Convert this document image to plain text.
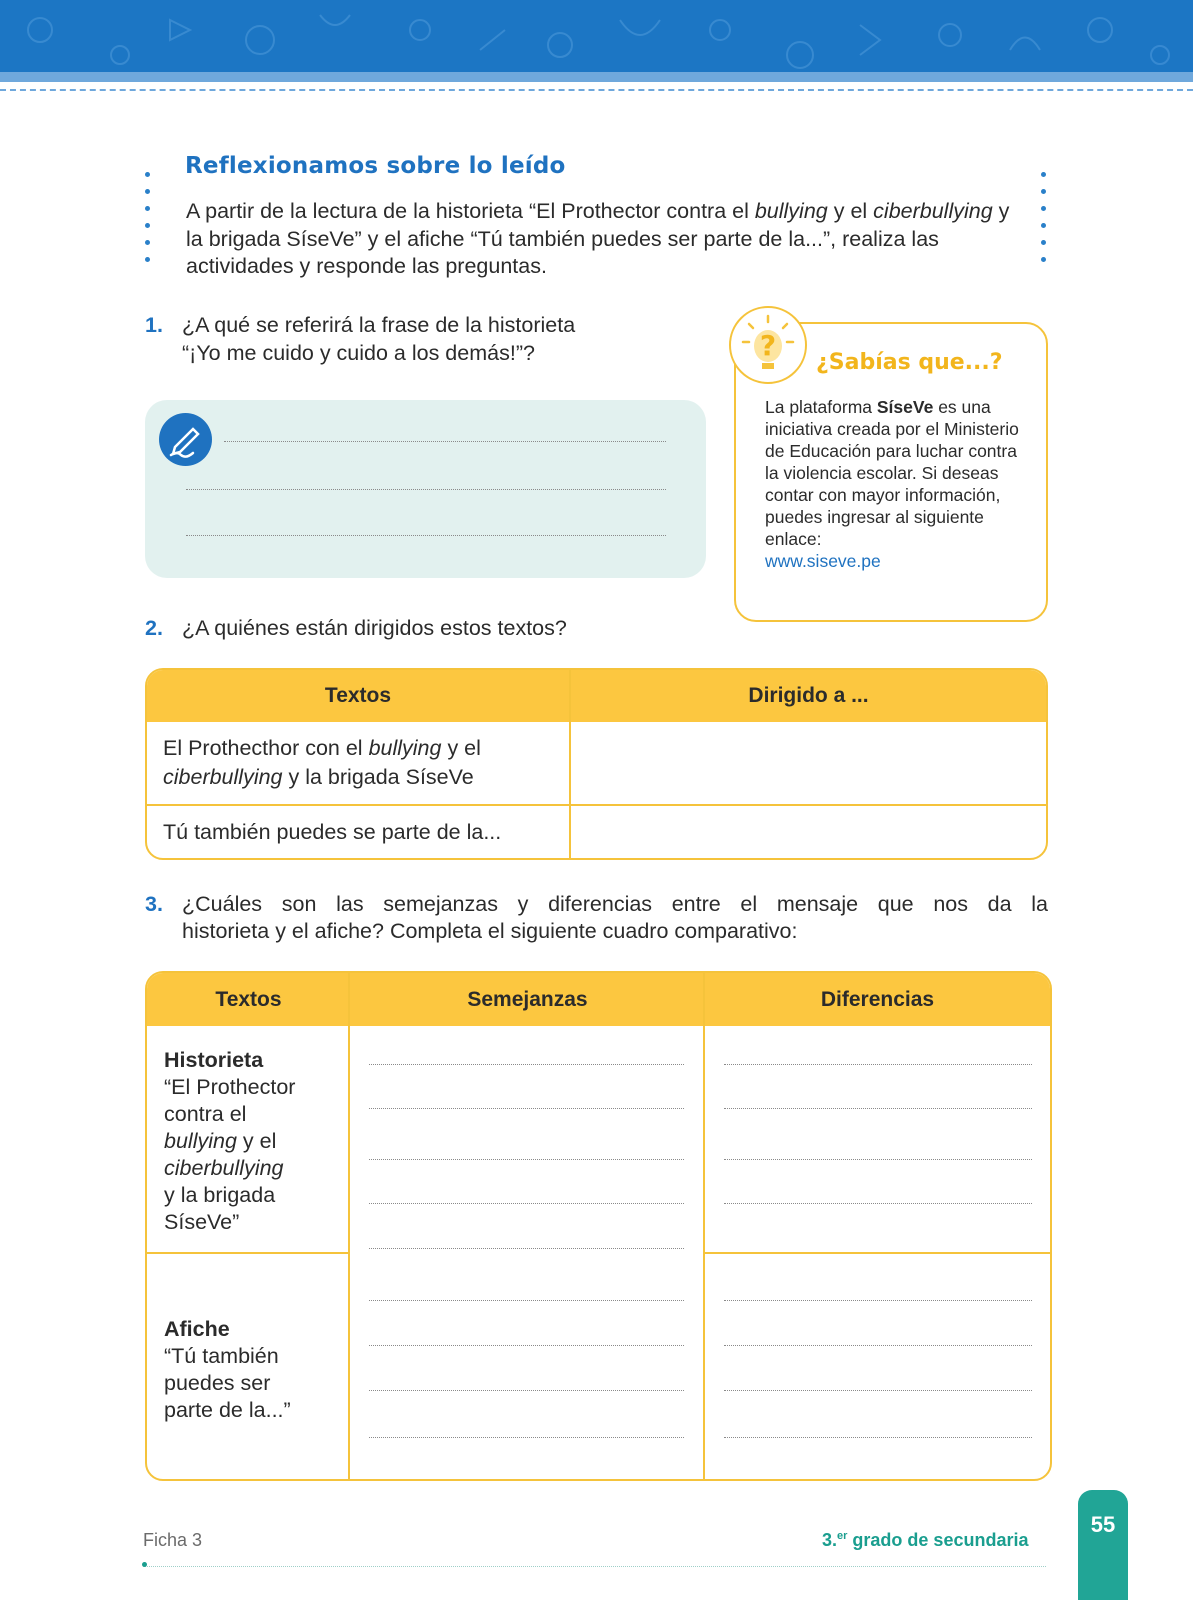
Reflexionamos sobre lo leído
A partir de la lectura de la historieta “El Prothector contra el bullying y el ciberbullying y la brigada SíseVe” y el afiche “Tú también puedes ser parte de la...”, realiza las actividades y responde las preguntas.
1. ¿A qué se referirá la frase de la historieta
“¡Yo me cuido y cuido a los demás!”?	?
¿Sabías que...?
La plataforma SíseVe es una iniciativa creada por el Ministerio de Educación para luchar contra la violencia escolar. Si deseas contar con mayor información, puedes ingresar al siguiente enlace:
www.siseve.pe
2. ¿A quiénes están dirigidos estos textos?
Textos	Dirigido a ...
El Prothecthor con el bullying y el
ciberbullying y la brigada SíseVe	
Tú también puedes se parte de la...	
3. ¿Cuáles son las semejanzas y diferencias entre el mensaje que nos da la
historieta y el afiche? Completa el siguiente cuadro comparativo:
Textos	Semejanzas	Diferencias
Historieta
“El Prothector
contra el
bullying y el
ciberbullying
y la brigada
SíseVe”
Afiche
“Tú también
puedes ser
parte de la...”
Ficha 3	3.$^{er}$ grado de secundaria
55
